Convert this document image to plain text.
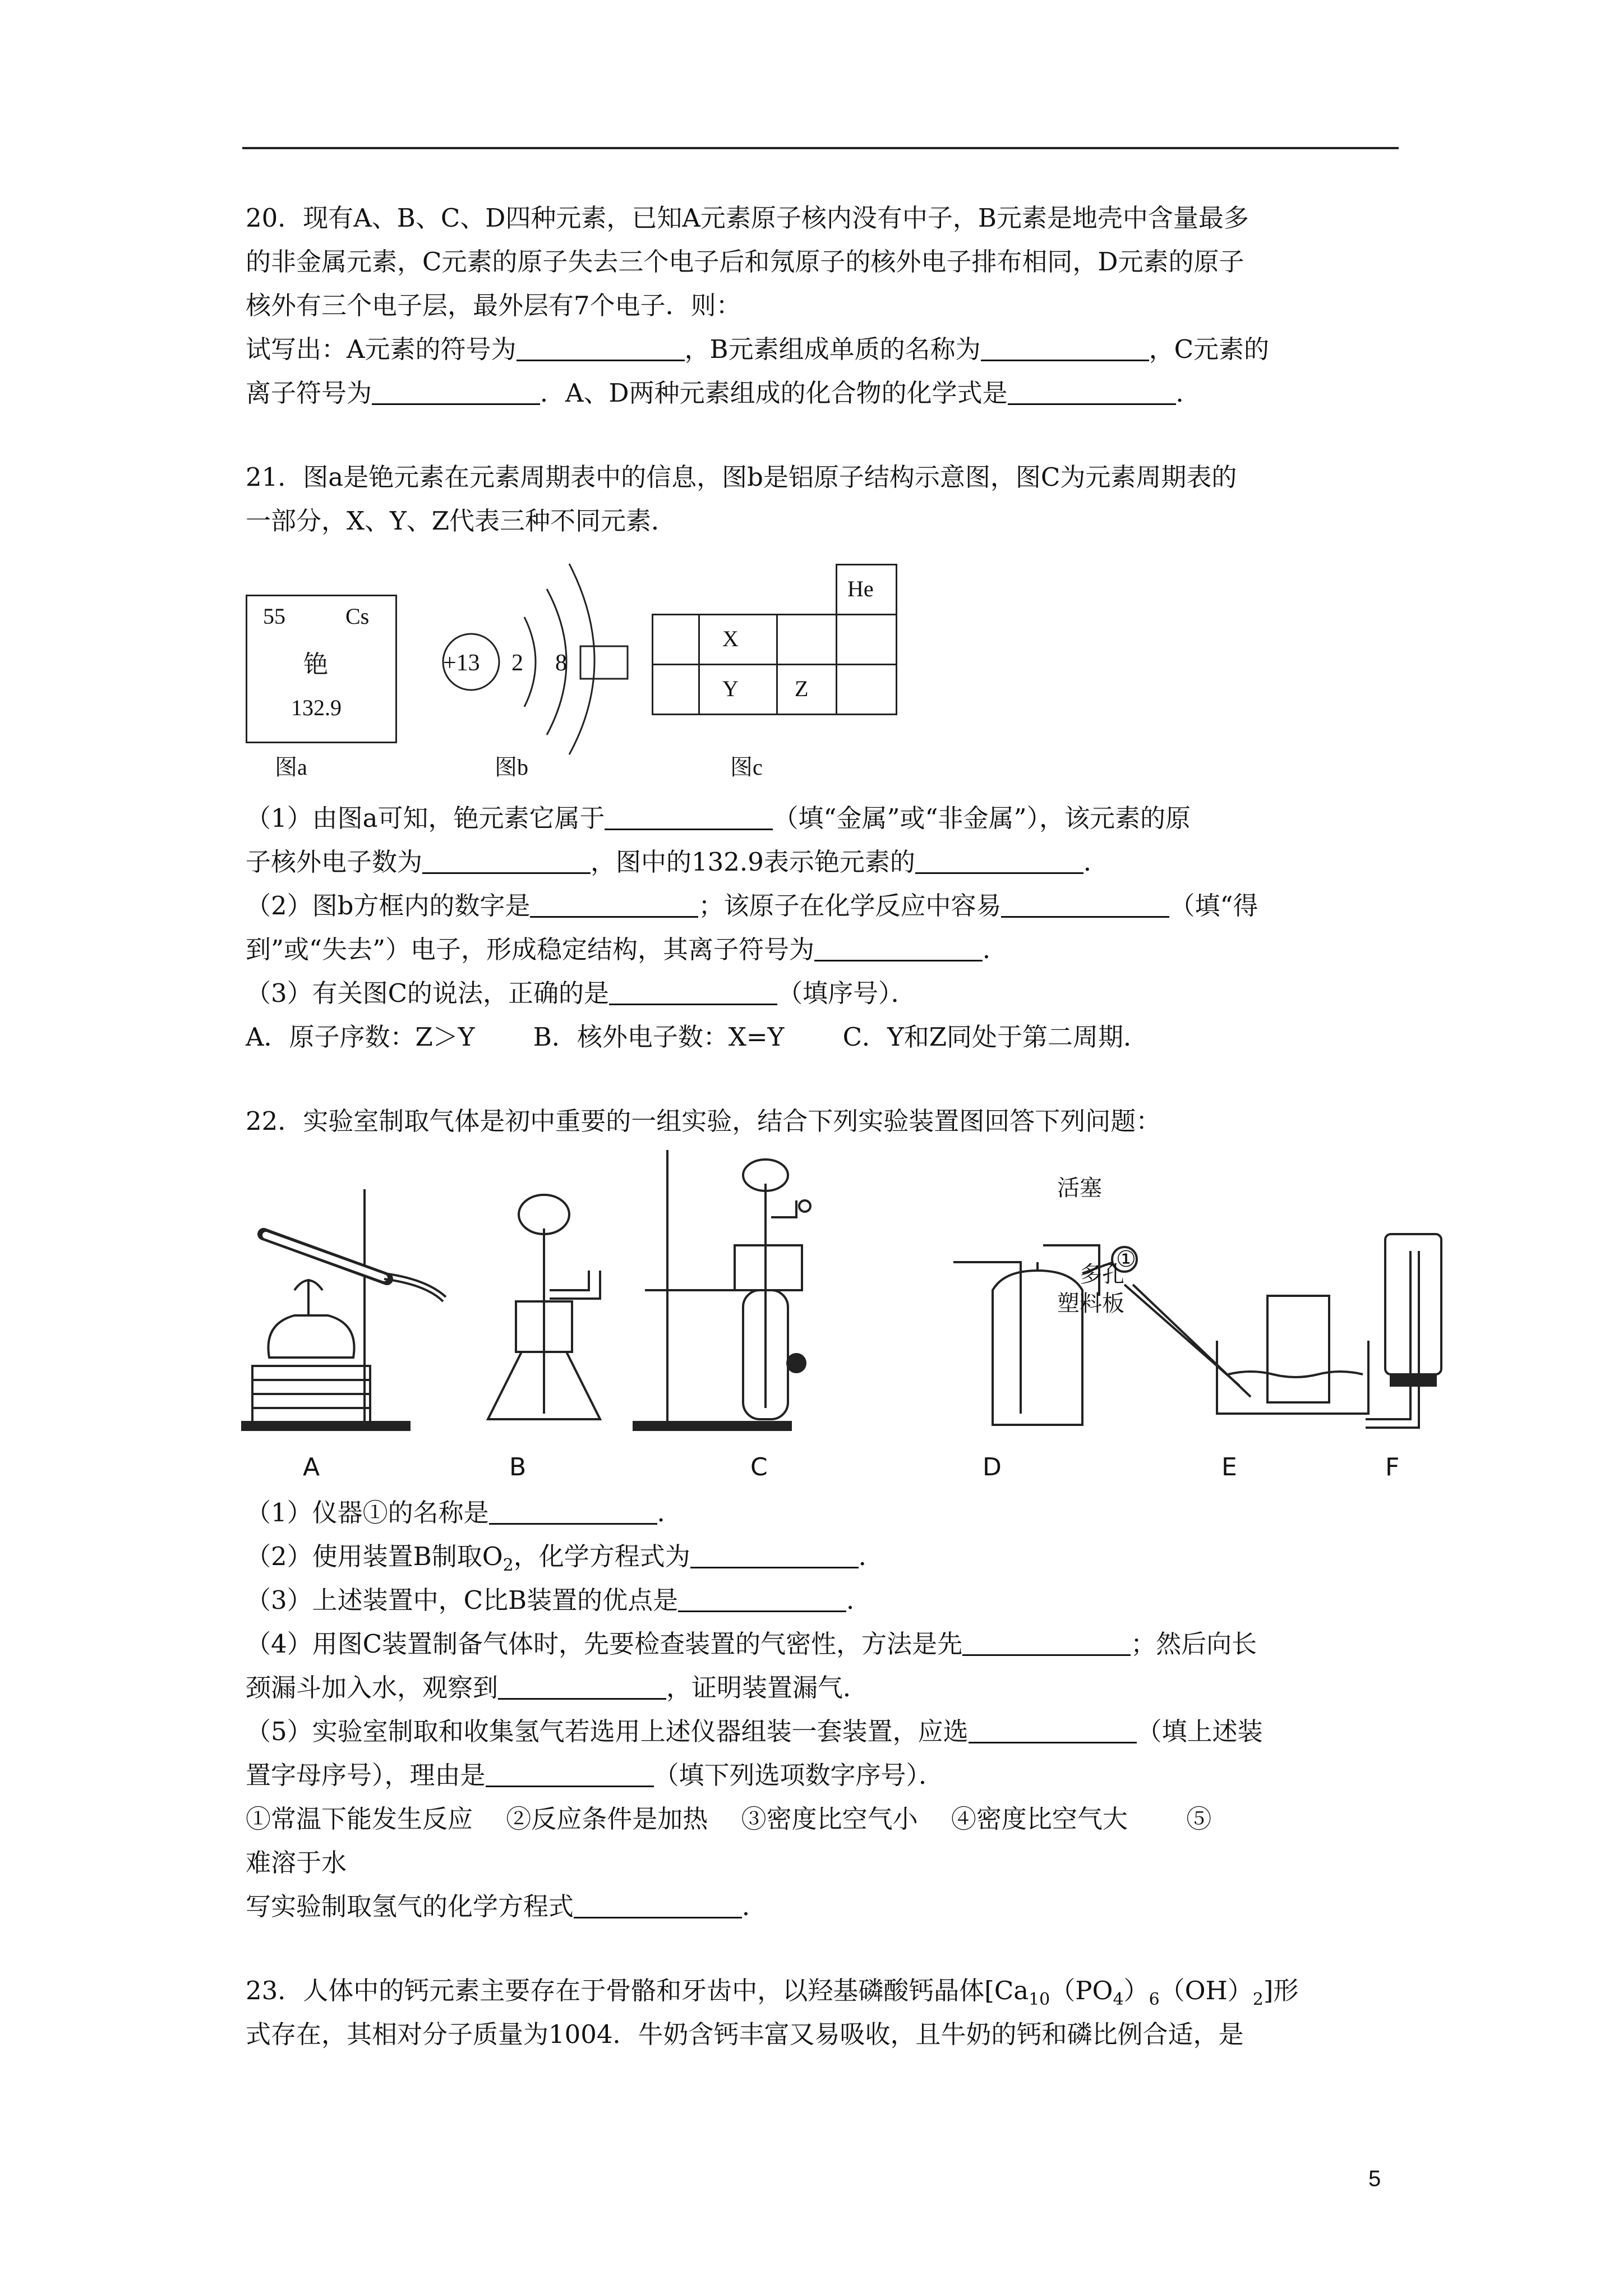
20．现有A、B、C、D四种元素，已知A元素原子核内没有中子，B元素是地壳中含量最多
的非金属元素，C元素的原子失去三个电子后和氖原子的核外电子排布相同，D元素的原子
核外有三个电子层，最外层有7个电子．则：
试写出：A元素的符号为	，B元素组成单质的名称为	，C元素的
离子符号为	．A、D两种元素组成的化合物的化学式是	．
21．图a是铯元素在元素周期表中的信息，图b是铝原子结构示意图，图C为元素周期表的
一部分，X、Y、Z代表三种不同元素．
55	Cs
铯
132.9
图a
+13 2 8
图b
He
X
Y	Z
图c
（1）由图a可知，铯元素它属于	（填“金属”或“非金属”），该元素的原
子核外电子数为	，图中的132.9表示铯元素的	．
（2）图b方框内的数字是	；该原子在化学反应中容易	（填“得
到”或“失去”）电子，形成稳定结构，其离子符号为	．
（3）有关图C的说法，正确的是	（填序号）．
A．原子序数：Z＞Y　　 B．核外电子数：X=Y　　 C．Y和Z同处于第二周期．
22．实验室制取气体是初中重要的一组实验，结合下列实验装置图回答下列问题：
活塞
多孔
塑料板
①
A	B	C	D	E	F
（1）仪器①的名称是	．
（2）使用装置B制取$O_2$，化学方程式为	．
（3）上述装置中，C比B装置的优点是	．
（4）用图C装置制备气体时，先要检查装置的气密性，方法是先	；然后向长
颈漏斗加入水，观察到	，证明装置漏气．
（5）实验室制取和收集氢气若选用上述仪器组装一套装置，应选	（填上述装
置字母序号），理由是	（填下列选项数字序号）．
①常温下能发生反应　 ②反应条件是加热　 ③密度比空气小　 ④密度比空气大　　 ⑤
难溶于水
写实验制取氢气的化学方程式	．
23．人体中的钙元素主要存在于骨骼和牙齿中，以羟基磷酸钙晶体$[Ca_{10}(PO_4)_6(OH)_2]$形
式存在，其相对分子质量为1004．牛奶含钙丰富又易吸收，且牛奶的钙和磷比例合适，是
5
